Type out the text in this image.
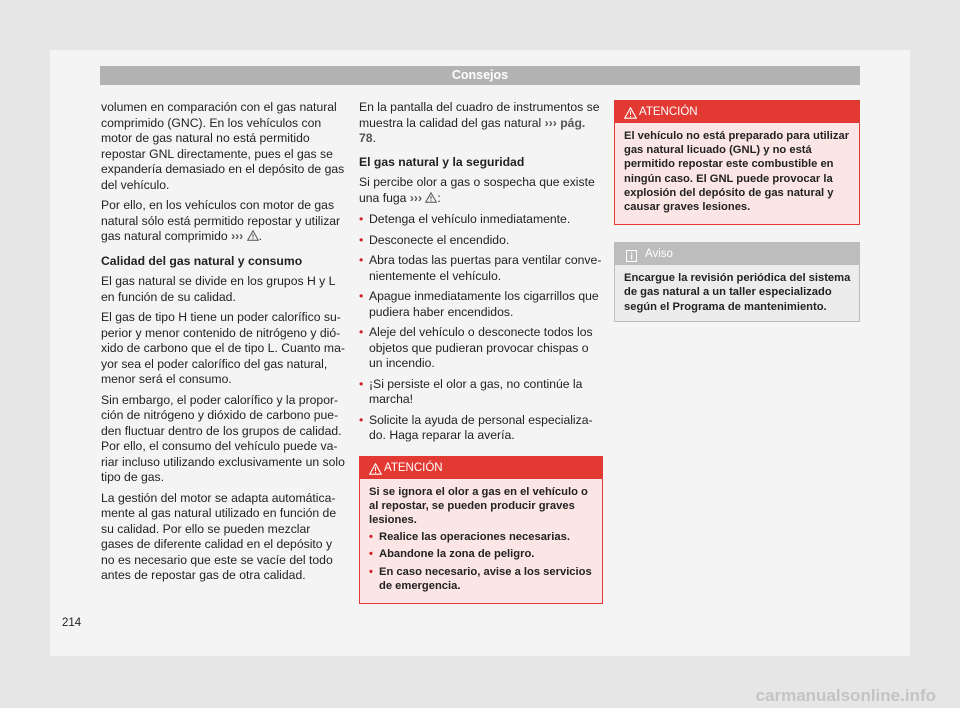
Consejos

volumen en comparación con el gas natural comprimido (GNC). En los vehículos con motor de gas natural no está permitido repostar GNL directamente, pues el gas se expandería demasiado en el depósito de gas del vehículo.

Por ello, en los vehículos con motor de gas natural sólo está permitido repostar y utilizar gas natural comprimido ››› .

Calidad del gas natural y consumo

El gas natural se divide en los grupos H y L en función de su calidad.

El gas de tipo H tiene un poder calorífico superior y menor contenido de nitrógeno y dióxido de carbono que el de tipo L. Cuanto mayor sea el poder calorífico del gas natural, menor será el consumo.

Sin embargo, el poder calorífico y la proporción de nitrógeno y dióxido de carbono pueden fluctuar dentro de los grupos de calidad. Por ello, el consumo del vehículo puede variar incluso utilizando exclusivamente un solo tipo de gas.

La gestión del motor se adapta automáticamente al gas natural utilizado en función de su calidad. Por ello se pueden mezclar gases de diferente calidad en el depósito y no es necesario que este se vacíe del todo antes de repostar gas de otra calidad.

En la pantalla del cuadro de instrumentos se muestra la calidad del gas natural ››› pág. 78.

El gas natural y la seguridad

Si percibe olor a gas o sospecha que existe una fuga ››› :

• Detenga el vehículo inmediatamente.

• Desconecte el encendido.

• Abra todas las puertas para ventilar convenientemente el vehículo.

• Apague inmediatamente los cigarrillos que pudiera haber encendidos.

• Aleje del vehículo o desconecte todos los objetos que pudieran provocar chispas o un incendio.

• ¡Si persiste el olor a gas, no continúe la marcha!

• Solicite la ayuda de personal especializado. Haga reparar la avería.

ATENCIÓN

Si se ignora el olor a gas en el vehículo o al repostar, se pueden producir graves lesiones.

• Realice las operaciones necesarias.

• Abandone la zona de peligro.

• En caso necesario, avise a los servicios de emergencia.

ATENCIÓN

El vehículo no está preparado para utilizar gas natural licuado (GNL) y no está permitido repostar este combustible en ningún caso. El GNL puede provocar la explosión del depósito de gas natural y causar graves lesiones.

Aviso
Encargue la revisión periódica del sistema de gas natural a un taller especializado según el Programa de mantenimiento.
214
carmanualsonline.info
